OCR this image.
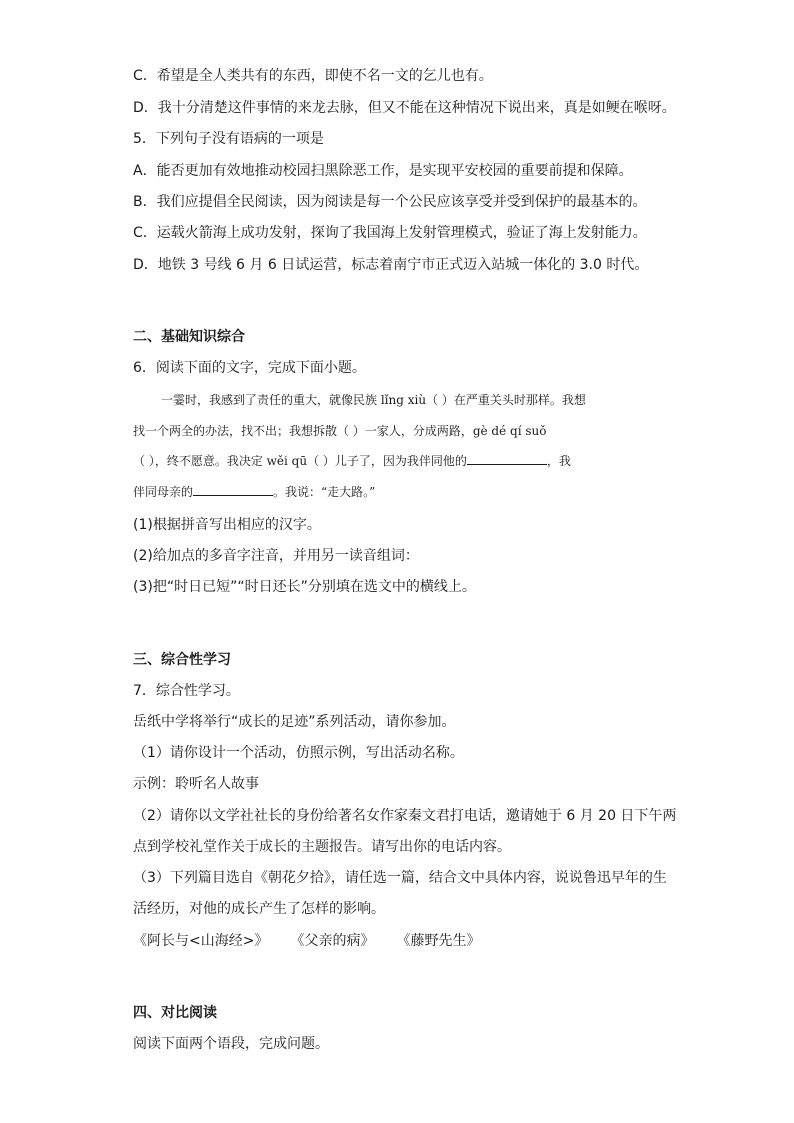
C．希望是全人类共有的东西，即使不名一文的乞儿也有。
D．我十分清楚这件事情的来龙去脉，但又不能在这种情况下说出来，真是如鲠在喉呀。
5．下列句子没有语病的一项是
A．能否更加有效地推动校园扫黑除恶工作，是实现平安校园的重要前提和保障。
B．我们应提倡全民阅读，因为阅读是每一个公民应该享受并受到保护的最基本的。
C．运载火箭海上成功发射，探询了我国海上发射管理模式，验证了海上发射能力。
D．地铁 3 号线 6 月 6 日试运营，标志着南宁市正式迈入站城一体化的 3.0 时代。
二、基础知识综合
6．阅读下面的文字，完成下面小题。
一霎时，我感到了责任的重大，就像民族 lǐng xiù（ ）在严重关头时那样。我想
找一个两全的办法，找不出；我想拆散（ ）一家人，分成两路，gè dé qí suǒ
（ ），终不愿意。我决定 wěi qū（ ）儿子了，因为我伴同他的	，我
伴同母亲的	。我说：“走大路。”
(1)根据拼音写出相应的汉字。
(2)给加点的多音字注音，并用另一读音组词：
(3)把“时日已短”“时日还长”分别填在选文中的横线上。
三、综合性学习
7．综合性学习。
岳纸中学将举行“成长的足迹”系列活动，请你参加。
（1）请你设计一个活动，仿照示例，写出活动名称。
示例：聆听名人故事
（2）请你以文学社社长的身份给著名女作家秦文君打电话，邀请她于 6 月 20 日下午两
点到学校礼堂作关于成长的主题报告。请写出你的电话内容。
（3）下列篇目选自《朝花夕拾》，请任选一篇，结合文中具体内容，说说鲁迅早年的生
活经历，对他的成长产生了怎样的影响。
《阿长与<山海经>》 《父亲的病》 《藤野先生》
四、对比阅读
阅读下面两个语段，完成问题。
